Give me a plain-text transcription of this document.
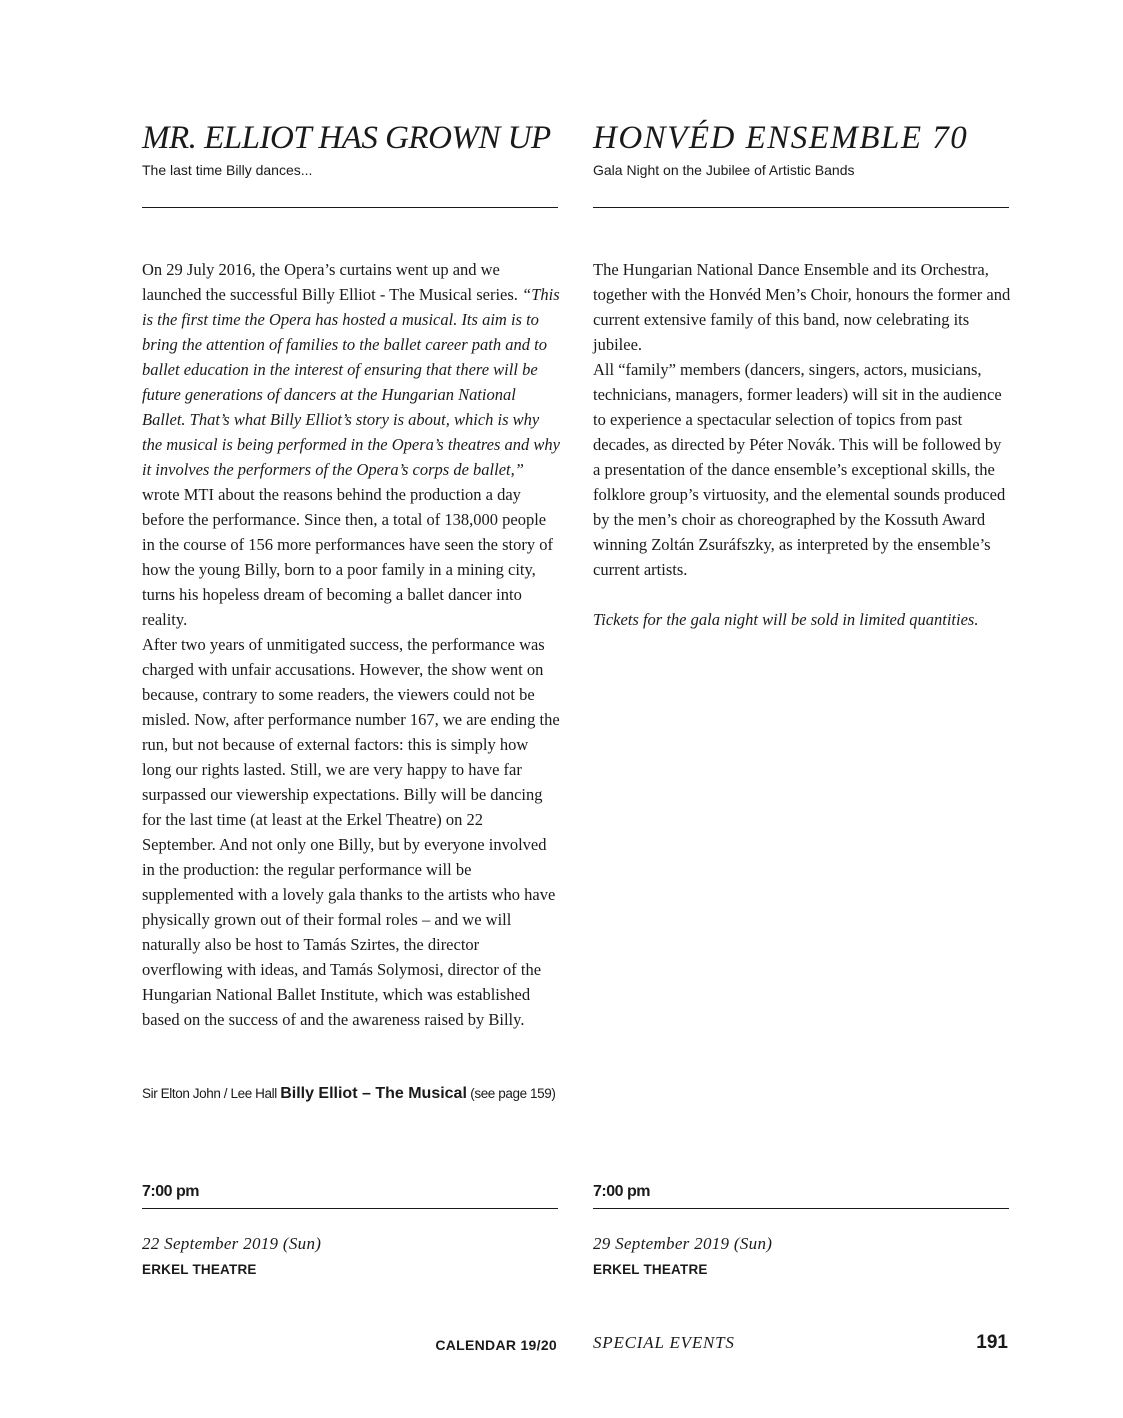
MR. ELLIOT HAS GROWN UP
The last time Billy dances...

On 29 July 2016, the Opera’s curtains went up and we launched the successful Billy Elliot - The Musical series. “This is the first time the Opera has hosted a musical. Its aim is to bring the attention of families to the ballet career path and to ballet education in the interest of ensuring that there will be future generations of dancers at the Hungarian National Ballet. That’s what Billy Elliot’s story is about, which is why the musical is being performed in the Opera’s theatres and why it involves the performers of the Opera’s corps de ballet,” wrote MTI about the reasons behind the production a day before the performance. Since then, a total of 138,000 people in the course of 156 more performances have seen the story of how the young Billy, born to a poor family in a mining city, turns his hopeless dream of becoming a ballet dancer into reality.

After two years of unmitigated success, the performance was charged with unfair accusations. However, the show went on because, contrary to some readers, the viewers could not be misled. Now, after performance number 167, we are ending the run, but not because of external factors: this is simply how long our rights lasted. Still, we are very happy to have far surpassed our viewership expectations. Billy will be dancing for the last time (at least at the Erkel Theatre) on 22 September. And not only one Billy, but by everyone involved in the production: the regular performance will be supplemented with a lovely gala thanks to the artists who have physically grown out of their formal roles – and we will naturally also be host to Tamás Szirtes, the director overflowing with ideas, and Tamás Solymosi, director of the Hungarian National Ballet Institute, which was established based on the success of and the awareness raised by Billy.

Sir Elton John / Lee Hall Billy Elliot – The Musical (see page 159)
7:00 pm
22 September 2019 (Sun)
ERKEL THEATRE
HONVÉD ENSEMBLE 70
Gala Night on the Jubilee of Artistic Bands

The Hungarian National Dance Ensemble and its Orchestra, together with the Honvéd Men’s Choir, honours the former and current extensive family of this band, now celebrating its jubilee.

All “family” members (dancers, singers, actors, musicians, technicians, managers, former leaders) will sit in the audience to experience a spectacular selection of topics from past decades, as directed by Péter Novák. This will be followed by a presentation of the dance ensemble’s exceptional skills, the folklore group’s virtuosity, and the elemental sounds produced by the men’s choir as choreographed by the Kossuth Award winning Zoltán Zsuráfszky, as interpreted by the ensemble’s current artists.

Tickets for the gala night will be sold in limited quantities.

7:00 pm
29 September 2019 (Sun)
ERKEL THEATRE
CALENDAR 19/20 SPECIAL EVENTS	191
